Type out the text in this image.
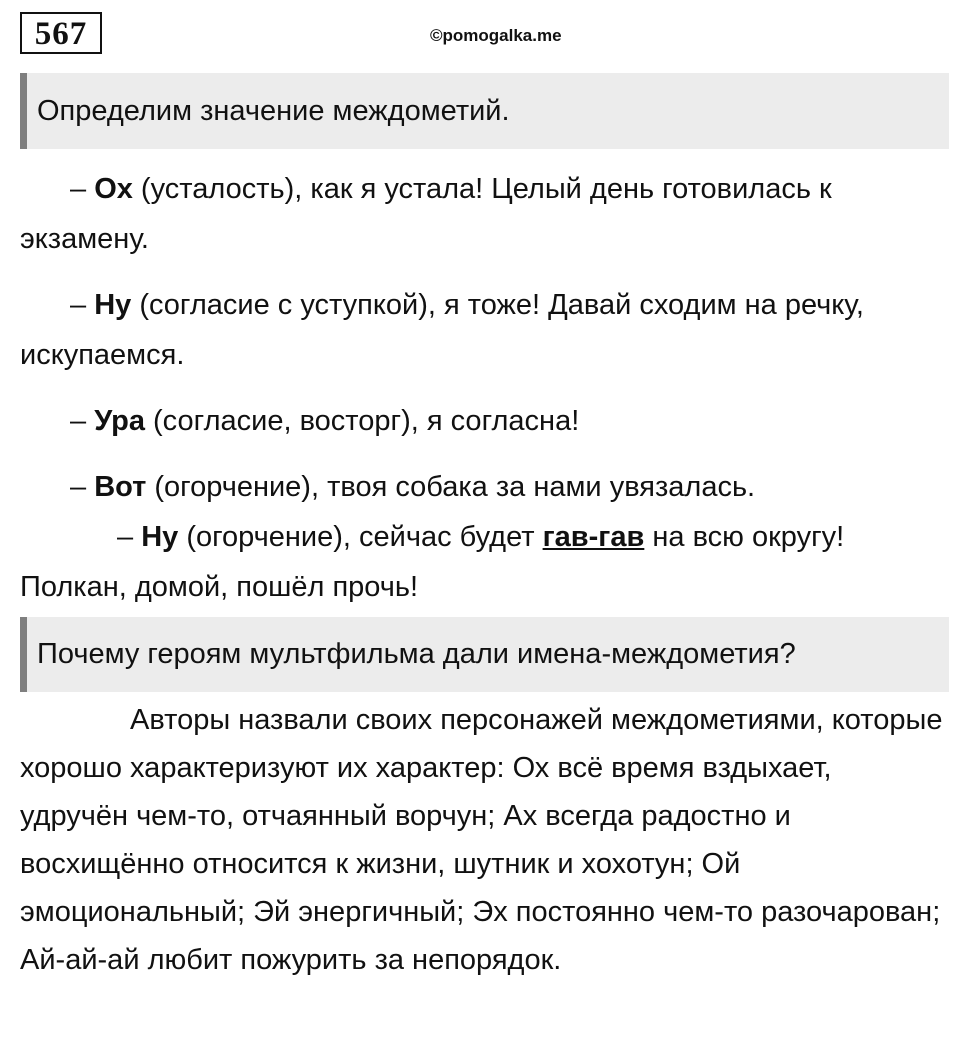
567	©pomogalka.me
Определим значение междометий.

– Ох (усталость), как я устала! Целый день готовилась к экзамену.

– Ну (согласие с уступкой), я тоже! Давай сходим на речку, искупаемся.

– Ура (согласие, восторг), я согласна!

– Вот (огорчение), твоя собака за нами увязалась.

– Ну (огорчение), сейчас будет гав-гав на всю округу! Полкан, домой, пошёл прочь!

Почему героям мультфильма дали имена-междометия?

Авторы назвали своих персонажей междометиями, которые хорошо характеризуют их характер: Ох всё время вздыхает, удручён чем-то, отчаянный ворчун; Ах всегда радостно и восхищённо относится к жизни, шутник и хохотун; Ой эмоциональный; Эй энергичный; Эх постоянно чем-то разочарован; Ай-ай-ай любит пожурить за непорядок.
